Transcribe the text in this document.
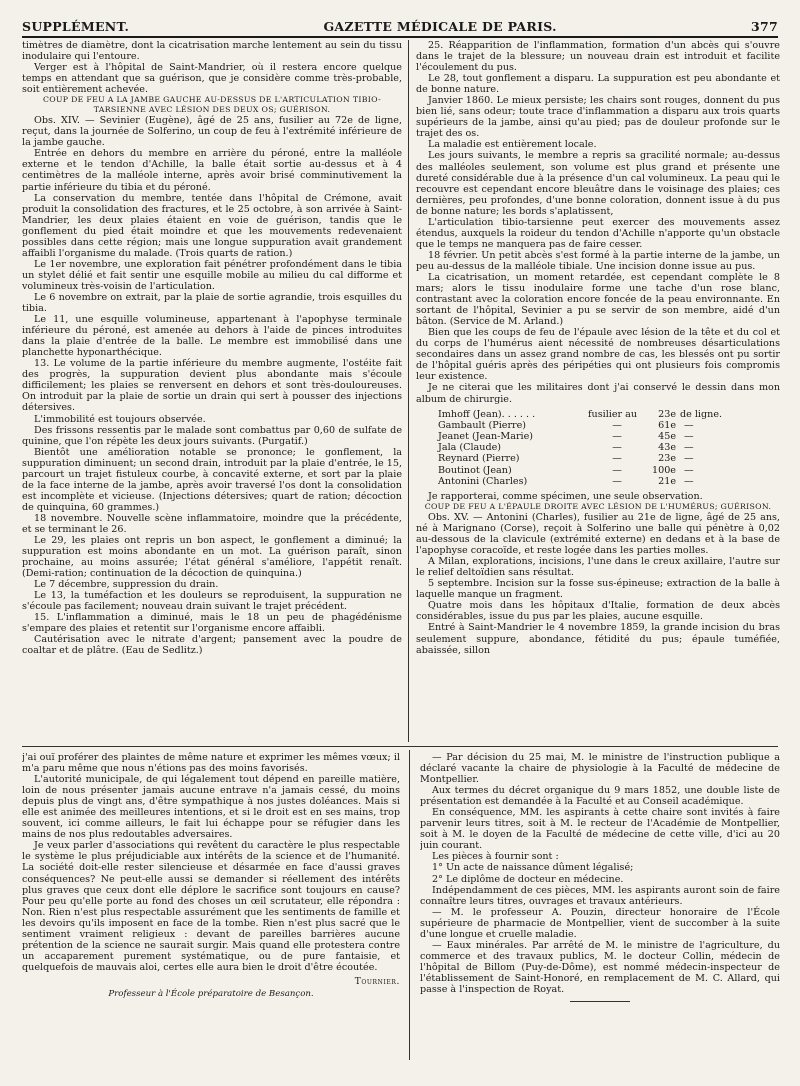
SUPPLÉMENT.	GAZETTE MÉDICALE DE PARIS.	377

timètres de diamètre, dont la cicatrisation marche lentement au sein du tissu inodulaire qui l'entoure.

Verger est à l'hôpital de Saint-Mandrier, où il restera encore quelque temps en attendant que sa guérison, que je considère comme très-probable, soit entièrement achevée.

COUP DE FEU A LA JAMBE GAUCHE AU-DESSUS DE L'ARTICULATION TIBIO-TARSIENNE AVEC LÉSION DES DEUX OS; GUÉRISON.

Obs. XIV. — Sevinier (Eugène), âgé de 25 ans, fusilier au 72e de ligne, reçut, dans la journée de Solferino, un coup de feu à l'extrémité inférieure de la jambe gauche.

Entrée en dehors du membre en arrière du péroné, entre la malléole externe et le tendon d'Achille, la balle était sortie au-dessus et à 4 centimètres de la malléole interne, après avoir brisé comminutivement la partie inférieure du tibia et du péroné.

La conservation du membre, tentée dans l'hôpital de Crémone, avait produit la consolidation des fractures, et le 25 octobre, à son arrivée à Saint-Mandrier, les deux plaies étaient en voie de guérison, tandis que le gonflement du pied était moindre et que les mouvements redevenaient possibles dans cette région; mais une longue suppuration avait grandement affaibli l'organisme du malade. (Trois quarts de ration.)

Le 1er novembre, une exploration fait pénétrer profondément dans le tibia un stylet délié et fait sentir une esquille mobile au milieu du cal difforme et volumineux très-voisin de l'articulation.

Le 6 novembre on extrait, par la plaie de sortie agrandie, trois esquilles du tibia.

Le 11, une esquille volumineuse, appartenant à l'apophyse terminale inférieure du péroné, est amenée au dehors à l'aide de pinces introduites dans la plaie d'entrée de la balle. Le membre est immobilisé dans une planchette hyponarthécique.

13. Le volume de la partie inférieure du membre augmente, l'ostéite fait des progrès, la suppuration devient plus abondante mais s'écoule difficilement; les plaies se renversent en dehors et sont très-douloureuses. On introduit par la plaie de sortie un drain qui sert à pousser des injections détersives.

L'immobilité est toujours observée.

Des frissons ressentis par le malade sont combattus par 0,60 de sulfate de quinine, que l'on répète les deux jours suivants. (Purgatif.)

Bientôt une amélioration notable se prononce; le gonflement, la suppuration diminuent; un second drain, introduit par la plaie d'entrée, le 15, parcourt un trajet fistuleux courbe, à concavité externe, et sort par la plaie de la face interne de la jambe, après avoir traversé l'os dont la consolidation est incomplète et vicieuse. (Injections détersives; quart de ration; décoction de quinquina, 60 grammes.)

18 novembre. Nouvelle scène inflammatoire, moindre que la précédente, et se terminant le 26.

Le 29, les plaies ont repris un bon aspect, le gonflement a diminué; la suppuration est moins abondante en un mot. La guérison paraît, sinon prochaine, au moins assurée; l'état général s'améliore, l'appétit renaît. (Demi-ration; continuation de la décoction de quinquina.)

Le 7 décembre, suppression du drain.

Le 13, la tuméfaction et les douleurs se reproduisent, la suppuration ne s'écoule pas facilement; nouveau drain suivant le trajet précédent.

15. L'inflammation a diminué, mais le 18 un peu de phagédénisme s'empare des plaies et retentit sur l'organisme encore affaibli.

Cautérisation avec le nitrate d'argent; pansement avec la poudre de coaltar et de plâtre. (Eau de Sedlitz.)

25. Réapparition de l'inflammation, formation d'un abcès qui s'ouvre dans le trajet de la blessure; un nouveau drain est introduit et facilite l'écoulement du pus.

Le 28, tout gonflement a disparu. La suppuration est peu abondante et de bonne nature.

Janvier 1860. Le mieux persiste; les chairs sont rouges, donnent du pus bien lié, sans odeur; toute trace d'inflammation a disparu aux trois quarts supérieurs de la jambe, ainsi qu'au pied; pas de douleur profonde sur le trajet des os.

La maladie est entièrement locale.

Les jours suivants, le membre a repris sa gracilité normale; au-dessus des malléoles seulement, son volume est plus grand et présente une dureté considérable due à la présence d'un cal volumineux. La peau qui le recouvre est cependant encore bleuâtre dans le voisinage des plaies; ces dernières, peu profondes, d'une bonne coloration, donnent issue à du pus de bonne nature; les bords s'aplatissent,

L'articulation tibio-tarsienne peut exercer des mouvements assez étendus, auxquels la roideur du tendon d'Achille n'apporte qu'un obstacle que le temps ne manquera pas de faire cesser.

18 février. Un petit abcès s'est formé à la partie interne de la jambe, un peu au-dessus de la malléole tibiale. Une incision donne issue au pus.

La cicatrisation, un moment retardée, est cependant complète le 8 mars; alors le tissu inodulaire forme une tache d'un rose blanc, contrastant avec la coloration encore foncée de la peau environnante. En sortant de l'hôpital, Sevinier a pu se servir de son membre, aidé d'un bâton. (Service de M. Arland.)

Bien que les coups de feu de l'épaule avec lésion de la tête et du col et du corps de l'humérus aient nécessité de nombreuses désarticulations secondaires dans un assez grand nombre de cas, les blessés ont pu sortir de l'hôpital guéris après des péripéties qui ont plusieurs fois compromis leur existence.

Je ne citerai que les militaires dont j'ai conservé le dessin dans mon album de chirurgie.

Imhoff (Jean). . . . . .	fusilier au	23e de ligne.
Gambault (Pierre)	—	61e —
Jeanet (Jean-Marie)	—	45e —
Jala (Claude)	—	43e —
Reynard (Pierre)	—	23e —
Boutinot (Jean)	—	100e —
Antonini (Charles)	—	21e —

Je rapporterai, comme spécimen, une seule observation.

COUP DE FEU A L'ÉPAULE DROITE AVEC LÉSION DE L'HUMÉRUS; GUÉRISON.

Obs. XV. — Antonini (Charles), fusilier au 21e de ligne, âgé de 25 ans, né à Marignano (Corse), reçoit à Solferino une balle qui pénètre à 0,02 au-dessous de la clavicule (extrémité externe) en dedans et à la base de l'apophyse coracoïde, et reste logée dans les parties molles.

A Milan, explorations, incisions, l'une dans le creux axillaire, l'autre sur le relief deltoïdien sans résultat.

5 septembre. Incision sur la fosse sus-épineuse; extraction de la balle à laquelle manque un fragment.

Quatre mois dans les hôpitaux d'Italie, formation de deux abcès considérables, issue du pus par les plaies, aucune esquille.

Entré à Saint-Mandrier le 4 novembre 1859, la grande incision du bras seulement suppure, abondance, fétidité du pus; épaule tuméfiée, abaissée, sillon

j'ai ouï proférer des plaintes de même nature et exprimer les mêmes vœux; il m'a paru même que nous n'étions pas des moins favorisés.

L'autorité municipale, de qui légalement tout dépend en pareille matière, loin de nous présenter jamais aucune entrave n'a jamais cessé, du moins depuis plus de vingt ans, d'être sympathique à nos justes doléances. Mais si elle est animée des meilleures intentions, et si le droit est en ses mains, trop souvent, ici comme ailleurs, le fait lui échappe pour se réfugier dans les mains de nos plus redoutables adversaires.

Je veux parler d'associations qui revêtent du caractère le plus respectable le système le plus préjudiciable aux intérêts de la science et de l'humanité. La société doit-elle rester silencieuse et désarmée en face d'aussi graves conséquences? Ne peut-elle aussi se demander si réellement des intérêts plus graves que ceux dont elle déplore le sacrifice sont toujours en cause? Pour peu qu'elle porte au fond des choses un œil scrutateur, elle répondra : Non. Rien n'est plus respectable assurément que les sentiments de famille et les devoirs qu'ils imposent en face de la tombe. Rien n'est plus sacré que le sentiment vraiment religieux : devant de pareilles barrières aucune prétention de la science ne saurait surgir. Mais quand elle protestera contre un accaparement purement systématique, ou de pure fantaisie, et quelquefois de mauvais aloi, certes elle aura bien le droit d'être écoutée.

Tournier.
Professeur à l'École préparatoire de Besançon.

— Par décision du 25 mai, M. le ministre de l'instruction publique a déclaré vacante la chaire de physiologie à la Faculté de médecine de Montpellier.

Aux termes du décret organique du 9 mars 1852, une double liste de présentation est demandée à la Faculté et au Conseil académique.

En conséquence, MM. les aspirants à cette chaire sont invités à faire parvenir leurs titres, soit à M. le recteur de l'Académie de Montpellier, soit à M. le doyen de la Faculté de médecine de cette ville, d'ici au 20 juin courant.

Les pièces à fournir sont :

1° Un acte de naissance dûment légalisé;

2° Le diplôme de docteur en médecine.

Indépendamment de ces pièces, MM. les aspirants auront soin de faire connaître leurs titres, ouvrages et travaux antérieurs.

— M. le professeur A. Pouzin, directeur honoraire de l'École supérieure de pharmacie de Montpellier, vient de succomber à la suite d'une longue et cruelle maladie.

— Eaux minérales. Par arrêté de M. le ministre de l'agriculture, du commerce et des travaux publics, M. le docteur Collin, médecin de l'hôpital de Billom (Puy-de-Dôme), est nommé médecin-inspecteur de l'établissement de Saint-Honoré, en remplacement de M. C. Allard, qui passe à l'inspection de Royat.
